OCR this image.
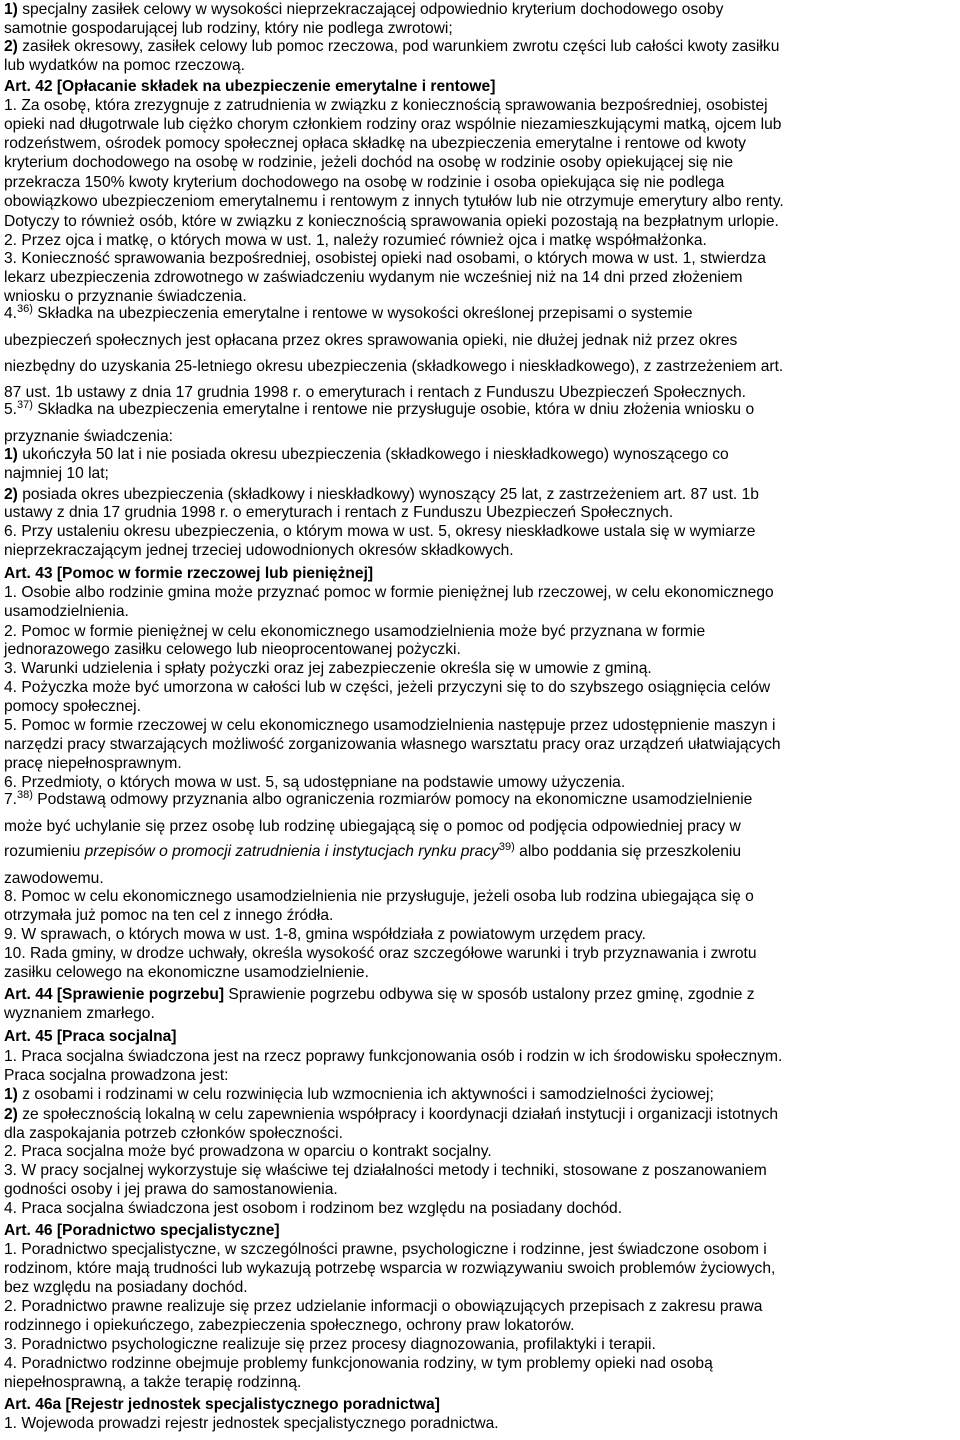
1) specjalny zasiłek celowy w wysokości nieprzekraczającej odpowiednio kryterium dochodowego osoby
samotnie gospodarującej lub rodziny, który nie podlega zwrotowi;
2) zasiłek okresowy, zasiłek celowy lub pomoc rzeczowa, pod warunkiem zwrotu części lub całości kwoty zasiłku
lub wydatków na pomoc rzeczową.
Art. 42 [Opłacanie składek na ubezpieczenie emerytalne i rentowe]
1. Za osobę, która zrezygnuje z zatrudnienia w związku z koniecznością sprawowania bezpośredniej, osobistej
opieki nad długotrwale lub ciężko chorym członkiem rodziny oraz wspólnie niezamieszkującymi matką, ojcem lub
rodzeństwem, ośrodek pomocy społecznej opłaca składkę na ubezpieczenia emerytalne i rentowe od kwoty
kryterium dochodowego na osobę w rodzinie, jeżeli dochód na osobę w rodzinie osoby opiekującej się nie
przekracza 150% kwoty kryterium dochodowego na osobę w rodzinie i osoba opiekująca się nie podlega
obowiązkowo ubezpieczeniom emerytalnemu i rentowym z innych tytułów lub nie otrzymuje emerytury albo renty.
Dotyczy to również osób, które w związku z koniecznością sprawowania opieki pozostają na bezpłatnym urlopie.
2. Przez ojca i matkę, o których mowa w ust. 1, należy rozumieć również ojca i matkę współmałżonka.
3. Konieczność sprawowania bezpośredniej, osobistej opieki nad osobami, o których mowa w ust. 1, stwierdza
lekarz ubezpieczenia zdrowotnego w zaświadczeniu wydanym nie wcześniej niż na 14 dni przed złożeniem
wniosku o przyznanie świadczenia.
4.$^{36)}$ Składka na ubezpieczenia emerytalne i rentowe w wysokości określonej przepisami o systemie
ubezpieczeń społecznych jest opłacana przez okres sprawowania opieki, nie dłużej jednak niż przez okres
niezbędny do uzyskania 25-letniego okresu ubezpieczenia (składkowego i nieskładkowego), z zastrzeżeniem art.
87 ust. 1b ustawy z dnia 17 grudnia 1998 r. o emeryturach i rentach z Funduszu Ubezpieczeń Społecznych.
5.$^{37)}$ Składka na ubezpieczenia emerytalne i rentowe nie przysługuje osobie, która w dniu złożenia wniosku o
przyznanie świadczenia:
1) ukończyła 50 lat i nie posiada okresu ubezpieczenia (składkowego i nieskładkowego) wynoszącego co
najmniej 10 lat;
2) posiada okres ubezpieczenia (składkowy i nieskładkowy) wynoszący 25 lat, z zastrzeżeniem art. 87 ust. 1b
ustawy z dnia 17 grudnia 1998 r. o emeryturach i rentach z Funduszu Ubezpieczeń Społecznych.
6. Przy ustaleniu okresu ubezpieczenia, o którym mowa w ust. 5, okresy nieskładkowe ustala się w wymiarze
nieprzekraczającym jednej trzeciej udowodnionych okresów składkowych.
Art. 43 [Pomoc w formie rzeczowej lub pieniężnej]
1. Osobie albo rodzinie gmina może przyznać pomoc w formie pieniężnej lub rzeczowej, w celu ekonomicznego
usamodzielnienia.
2. Pomoc w formie pieniężnej w celu ekonomicznego usamodzielnienia może być przyznana w formie
jednorazowego zasiłku celowego lub nieoprocentowanej pożyczki.
3. Warunki udzielenia i spłaty pożyczki oraz jej zabezpieczenie określa się w umowie z gminą.
4. Pożyczka może być umorzona w całości lub w części, jeżeli przyczyni się to do szybszego osiągnięcia celów
pomocy społecznej.
5. Pomoc w formie rzeczowej w celu ekonomicznego usamodzielnienia następuje przez udostępnienie maszyn i
narzędzi pracy stwarzających możliwość zorganizowania własnego warsztatu pracy oraz urządzeń ułatwiających
pracę niepełnosprawnym.
6. Przedmioty, o których mowa w ust. 5, są udostępniane na podstawie umowy użyczenia.
7.$^{38)}$ Podstawą odmowy przyznania albo ograniczenia rozmiarów pomocy na ekonomiczne usamodzielnienie
może być uchylanie się przez osobę lub rodzinę ubiegającą się o pomoc od podjęcia odpowiedniej pracy w
rozumieniu przepisów o promocji zatrudnienia i instytucjach rynku pracy$^{39)}$ albo poddania się przeszkoleniu
zawodowemu.
8. Pomoc w celu ekonomicznego usamodzielnienia nie przysługuje, jeżeli osoba lub rodzina ubiegająca się o
otrzymała już pomoc na ten cel z innego źródła.
9. W sprawach, o których mowa w ust. 1-8, gmina współdziała z powiatowym urzędem pracy.
10. Rada gminy, w drodze uchwały, określa wysokość oraz szczegółowe warunki i tryb przyznawania i zwrotu
zasiłku celowego na ekonomiczne usamodzielnienie.
Art. 44 [Sprawienie pogrzebu] Sprawienie pogrzebu odbywa się w sposób ustalony przez gminę, zgodnie z
wyznaniem zmarłego.
Art. 45 [Praca socjalna]
1. Praca socjalna świadczona jest na rzecz poprawy funkcjonowania osób i rodzin w ich środowisku społecznym.
Praca socjalna prowadzona jest:
1) z osobami i rodzinami w celu rozwinięcia lub wzmocnienia ich aktywności i samodzielności życiowej;
2) ze społecznością lokalną w celu zapewnienia współpracy i koordynacji działań instytucji i organizacji istotnych
dla zaspokajania potrzeb członków społeczności.
2. Praca socjalna może być prowadzona w oparciu o kontrakt socjalny.
3. W pracy socjalnej wykorzystuje się właściwe tej działalności metody i techniki, stosowane z poszanowaniem
godności osoby i jej prawa do samostanowienia.
4. Praca socjalna świadczona jest osobom i rodzinom bez względu na posiadany dochód.
Art. 46 [Poradnictwo specjalistyczne]
1. Poradnictwo specjalistyczne, w szczególności prawne, psychologiczne i rodzinne, jest świadczone osobom i
rodzinom, które mają trudności lub wykazują potrzebę wsparcia w rozwiązywaniu swoich problemów życiowych,
bez względu na posiadany dochód.
2. Poradnictwo prawne realizuje się przez udzielanie informacji o obowiązujących przepisach z zakresu prawa
rodzinnego i opiekuńczego, zabezpieczenia społecznego, ochrony praw lokatorów.
3. Poradnictwo psychologiczne realizuje się przez procesy diagnozowania, profilaktyki i terapii.
4. Poradnictwo rodzinne obejmuje problemy funkcjonowania rodziny, w tym problemy opieki nad osobą
niepełnosprawną, a także terapię rodzinną.
Art. 46a [Rejestr jednostek specjalistycznego poradnictwa]
1. Wojewoda prowadzi rejestr jednostek specjalistycznego poradnictwa.
